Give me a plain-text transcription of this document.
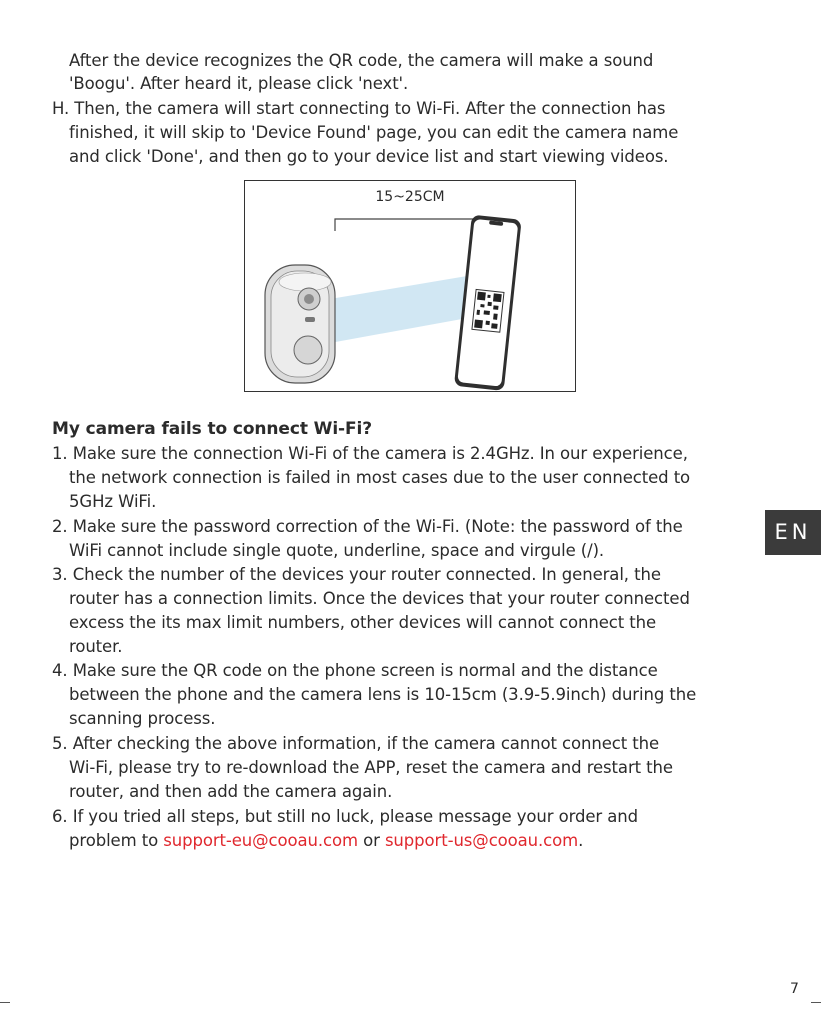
After the device recognizes the QR code, the camera will make a sound
'Boogu'. After heard it, please click 'next'.
H. Then, the camera will start connecting to Wi-Fi. After the connection has
finished, it will skip to 'Device Found' page, you can edit the camera name
and click 'Done', and then go to your device list and start viewing videos.
15~25CM
My camera fails to connect Wi-Fi?
1. Make sure the connection Wi-Fi of the camera is 2.4GHz. In our experience,
the network connection is failed in most cases due to the user connected to
5GHz WiFi.
2. Make sure the password correction of the Wi-Fi. (Note: the password of the
WiFi cannot include single quote, underline, space and virgule (/).
3. Check the number of the devices your router connected. In general, the
router has a connection limits. Once the devices that your router connected
excess the its max limit numbers, other devices will cannot connect the
router.
4. Make sure the QR code on the phone screen is normal and the distance
between the phone and the camera lens is 10-15cm (3.9-5.9inch) during the
scanning process.
5. After checking the above information, if the camera cannot connect the
Wi-Fi, please try to re-download the APP, reset the camera and restart the
router, and then add the camera again.
6. If you tried all steps, but still no luck, please message your order and
problem to support-eu@cooau.com or support-us@cooau.com.
EN
7
